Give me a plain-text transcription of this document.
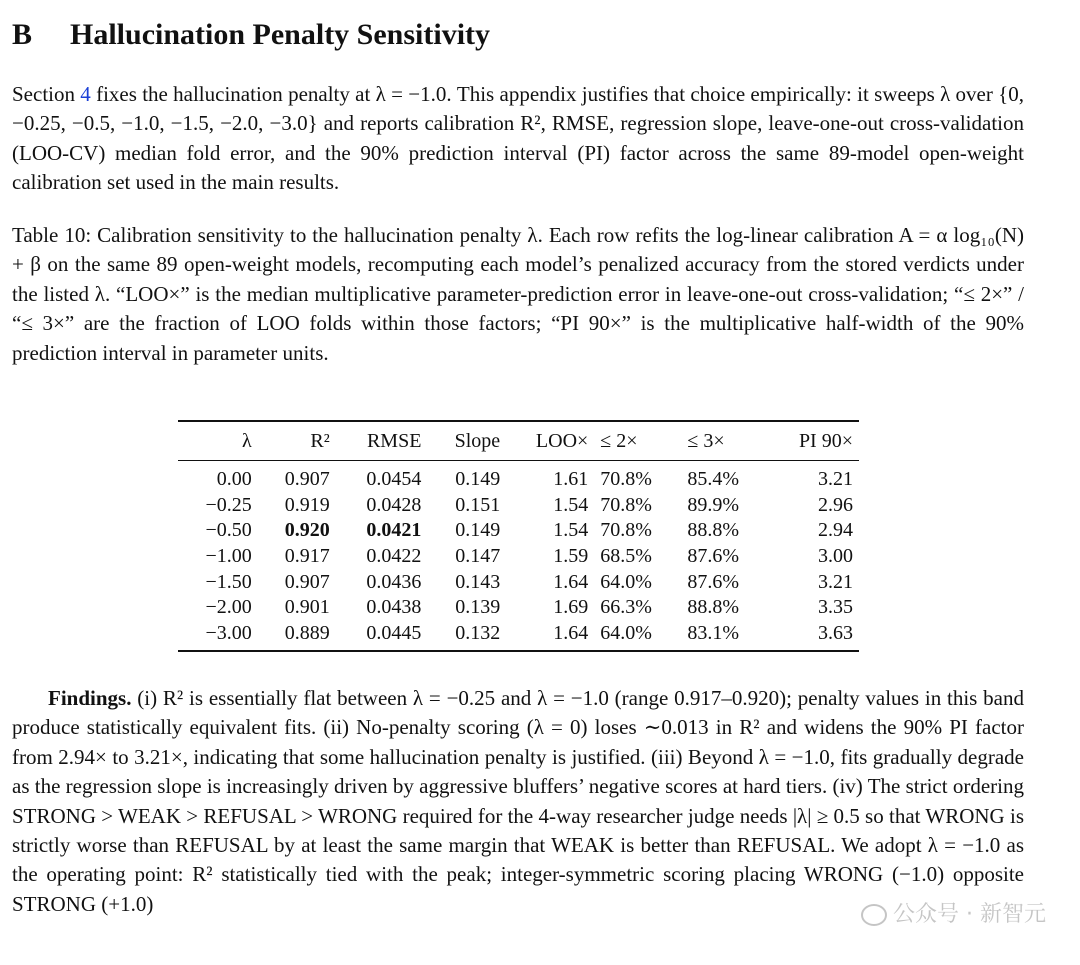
B Hallucination Penalty Sensitivity

Section 4 fixes the hallucination penalty at λ = −1.0. This appendix justifies that choice empirically: it sweeps λ over {0, −0.25, −0.5, −1.0, −1.5, −2.0, −3.0} and reports calibration R², RMSE, regression slope, leave-one-out cross-validation (LOO-CV) median fold error, and the 90% prediction interval (PI) factor across the same 89-model open-weight calibration set used in the main results.

Table 10: Calibration sensitivity to the hallucination penalty λ. Each row refits the log-linear calibration A = α log₁₀(N) + β on the same 89 open-weight models, recomputing each model’s penalized accuracy from the stored verdicts under the listed λ. “LOO×” is the median multiplicative parameter-prediction error in leave-one-out cross-validation; “≤ 2×” / “≤ 3×” are the fraction of LOO folds within those factors; “PI 90×” is the multiplicative half-width of the 90% prediction interval in parameter units.

Findings. (i) R² is essentially flat between λ = −0.25 and λ = −1.0 (range 0.917–0.920); penalty values in this band produce statistically equivalent fits. (ii) No-penalty scoring (λ = 0) loses ∼0.013 in R² and widens the 90% PI factor from 2.94× to 3.21×, indicating that some hallucination penalty is justified. (iii) Beyond λ = −1.0, fits gradually degrade as the regression slope is increasingly driven by aggressive bluffers’ negative scores at hard tiers. (iv) The strict ordering STRONG > WEAK > REFUSAL > WRONG required for the 4-way researcher judge needs |λ| ≥ 0.5 so that WRONG is strictly worse than REFUSAL by at least the same margin that WEAK is better than REFUSAL. We adopt λ = −1.0 as the operating point: R² statistically tied with the peak; integer-symmetric scoring placing WRONG (−1.0) opposite STRONG (+1.0)
λ	R²	RMSE	Slope	LOO×	≤ 2×	≤ 3×	PI 90×
0.00	0.907	0.0454	0.149	1.61	70.8%	85.4%	3.21
−0.25	0.919	0.0428	0.151	1.54	70.8%	89.9%	2.96
−0.50	0.920	0.0421	0.149	1.54	70.8%	88.8%	2.94
−1.00	0.917	0.0422	0.147	1.59	68.5%	87.6%	3.00
−1.50	0.907	0.0436	0.143	1.64	64.0%	87.6%	3.21
−2.00	0.901	0.0438	0.139	1.69	66.3%	88.8%	3.35
−3.00	0.889	0.0445	0.132	1.64	64.0%	83.1%	3.63
公众号 · 新智元
